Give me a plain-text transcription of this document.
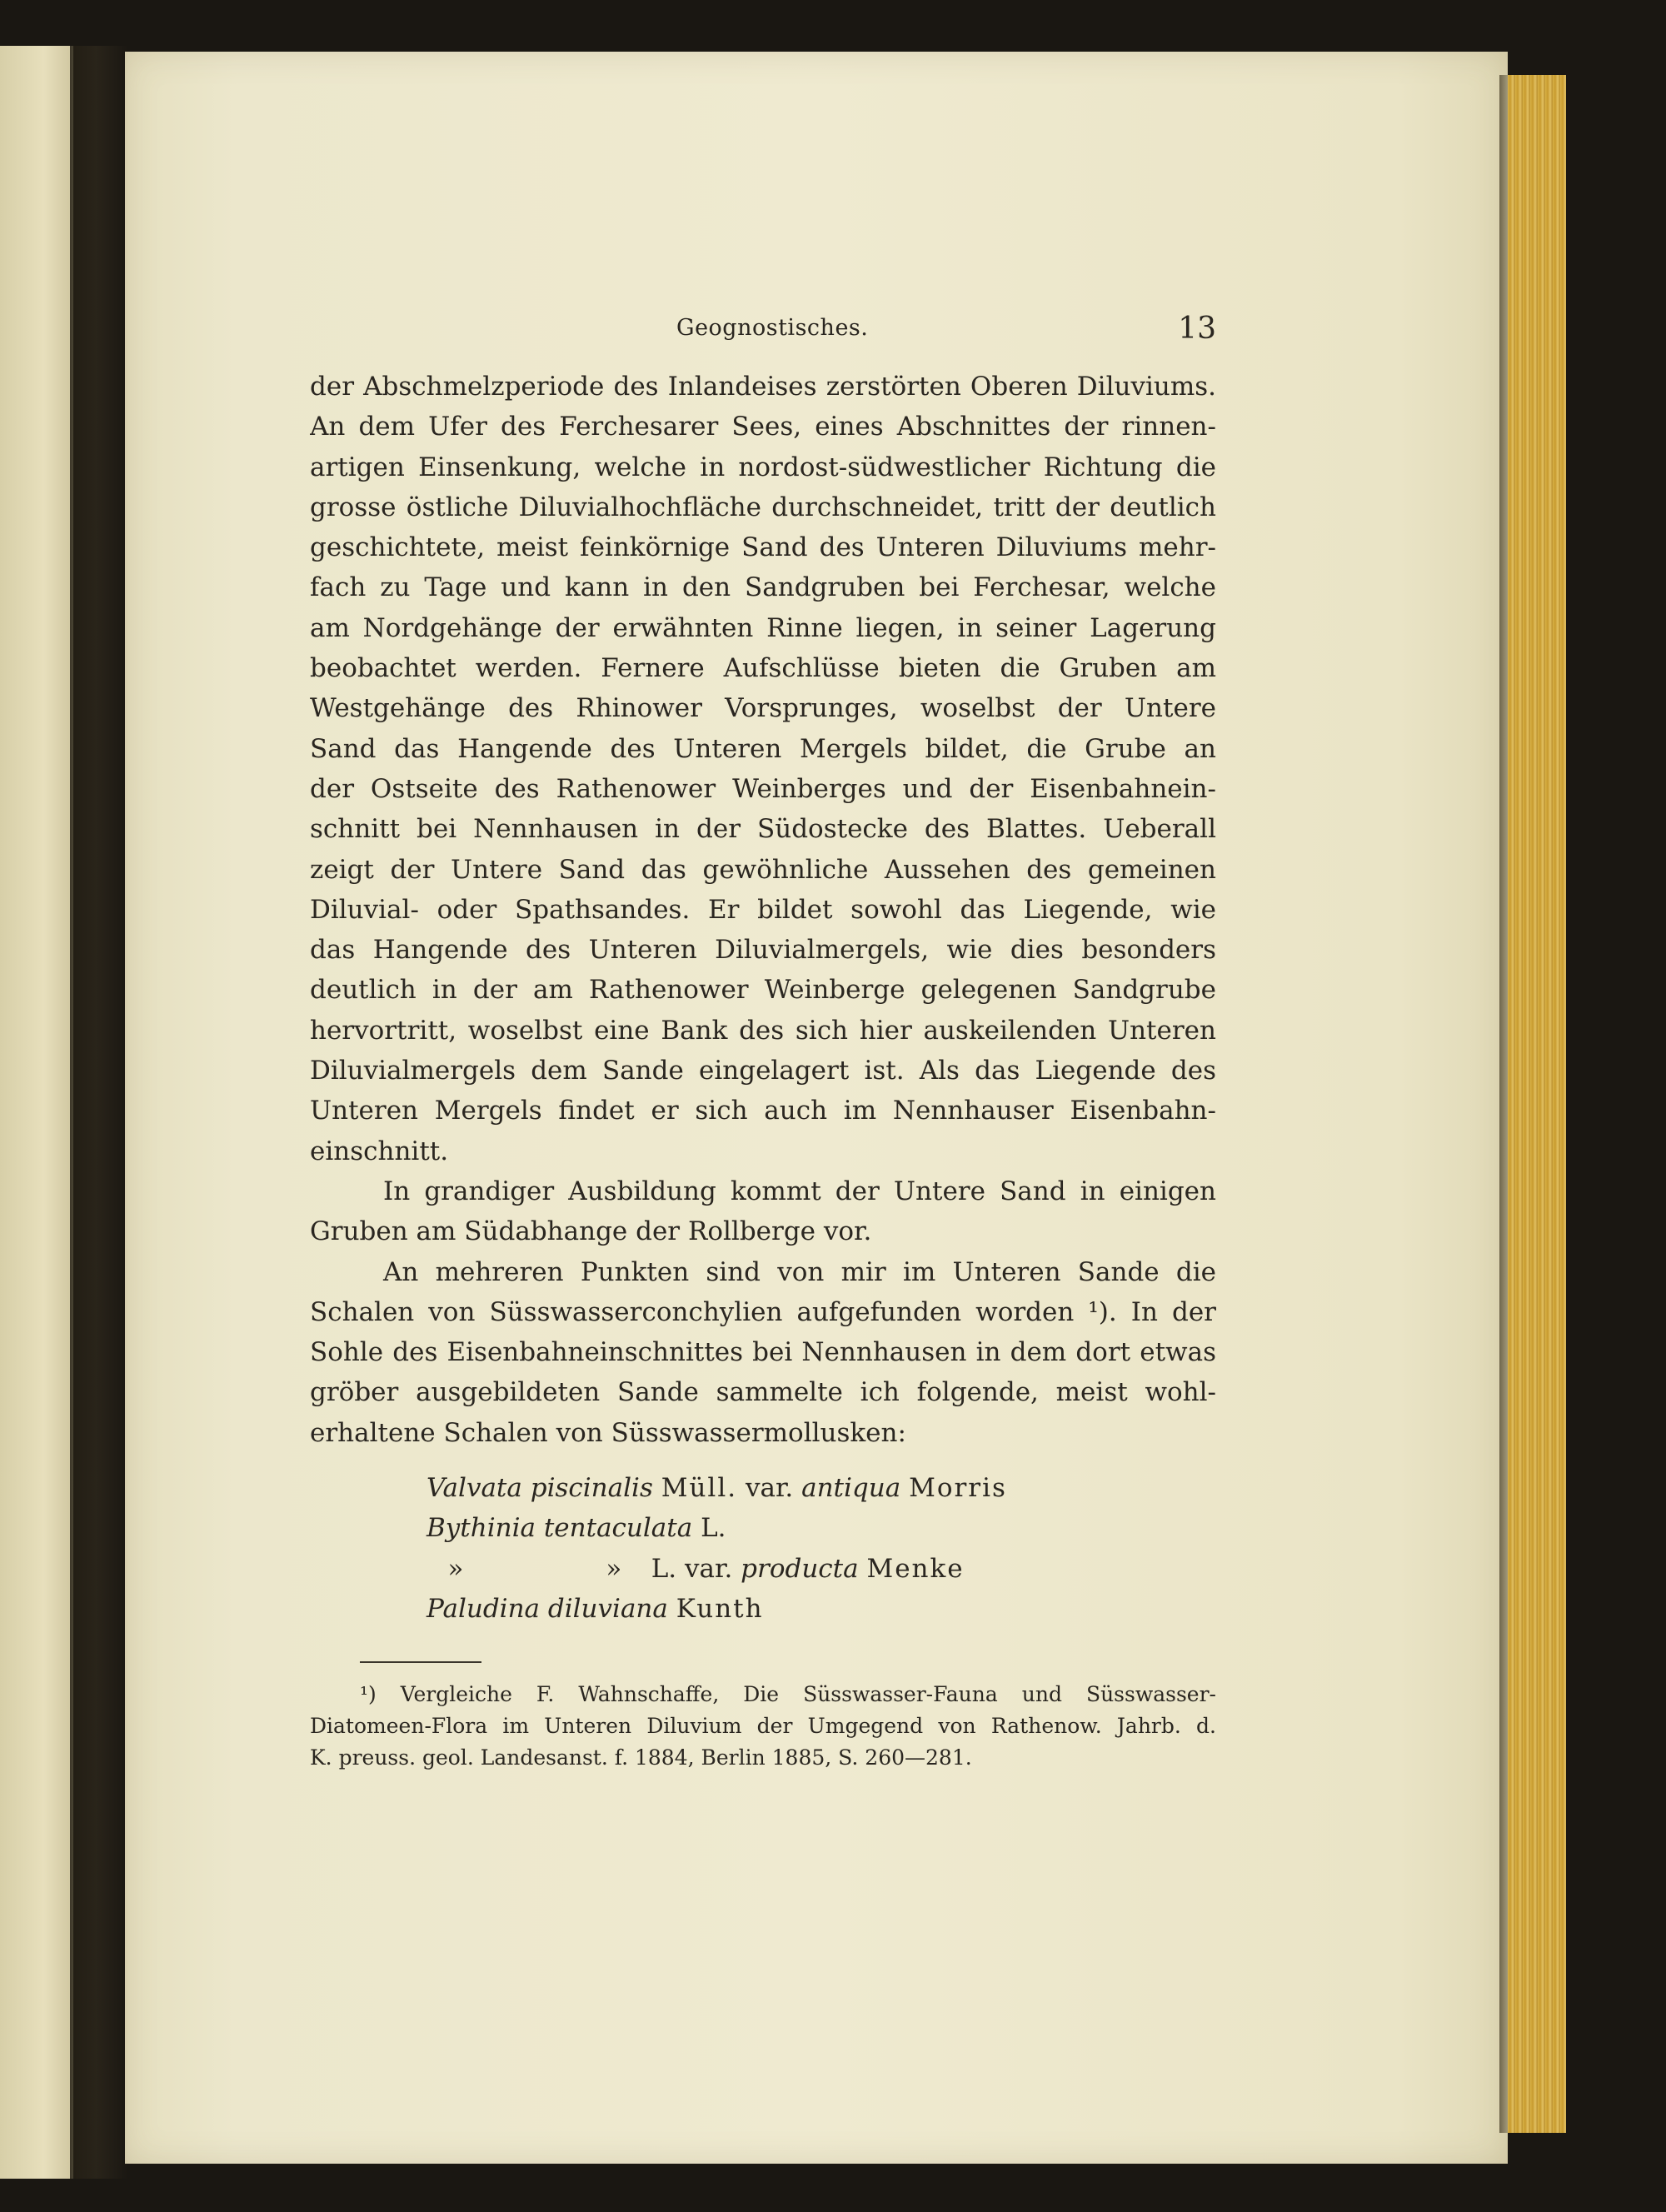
Geognostisches.	13
der Abschmelzperiode des Inlandeises zerstörten Oberen Diluviums.
An dem Ufer des Ferchesarer Sees, eines Abschnittes der rinnen-
artigen Einsenkung, welche in nordost-südwestlicher Richtung die
grosse östliche Diluvialhochfläche durchschneidet, tritt der deutlich
geschichtete, meist feinkörnige Sand des Unteren Diluviums mehr-
fach zu Tage und kann in den Sandgruben bei Ferchesar, welche
am Nordgehänge der erwähnten Rinne liegen, in seiner Lagerung
beobachtet werden. Fernere Aufschlüsse bieten die Gruben am
Westgehänge des Rhinower Vorsprunges, woselbst der Untere
Sand das Hangende des Unteren Mergels bildet, die Grube an
der Ostseite des Rathenower Weinberges und der Eisenbahnein-
schnitt bei Nennhausen in der Südostecke des Blattes. Ueberall
zeigt der Untere Sand das gewöhnliche Aussehen des gemeinen
Diluvial- oder Spathsandes. Er bildet sowohl das Liegende, wie
das Hangende des Unteren Diluvialmergels, wie dies besonders
deutlich in der am Rathenower Weinberge gelegenen Sandgrube
hervortritt, woselbst eine Bank des sich hier auskeilenden Unteren
Diluvialmergels dem Sande eingelagert ist. Als das Liegende des
Unteren Mergels findet er sich auch im Nennhauser Eisenbahn-
einschnitt.
In grandiger Ausbildung kommt der Untere Sand in einigen
Gruben am Südabhange der Rollberge vor.
An mehreren Punkten sind von mir im Unteren Sande die
Schalen von Süsswasserconchylien aufgefunden worden ¹). In der
Sohle des Eisenbahneinschnittes bei Nennhausen in dem dort etwas
gröber ausgebildeten Sande sammelte ich folgende, meist wohl-
erhaltene Schalen von Süsswassermollusken:
Valvata piscinalis Müll. var. antiqua Morris
Bythinia tentaculata L.
»	» L. var. producta Menke
Paludina diluviana Kunth
¹) Vergleiche F. Wahnschaffe, Die Süsswasser-Fauna und Süsswasser-
Diatomeen-Flora im Unteren Diluvium der Umgegend von Rathenow. Jahrb. d.
K. preuss. geol. Landesanst. f. 1884, Berlin 1885, S. 260—281.
